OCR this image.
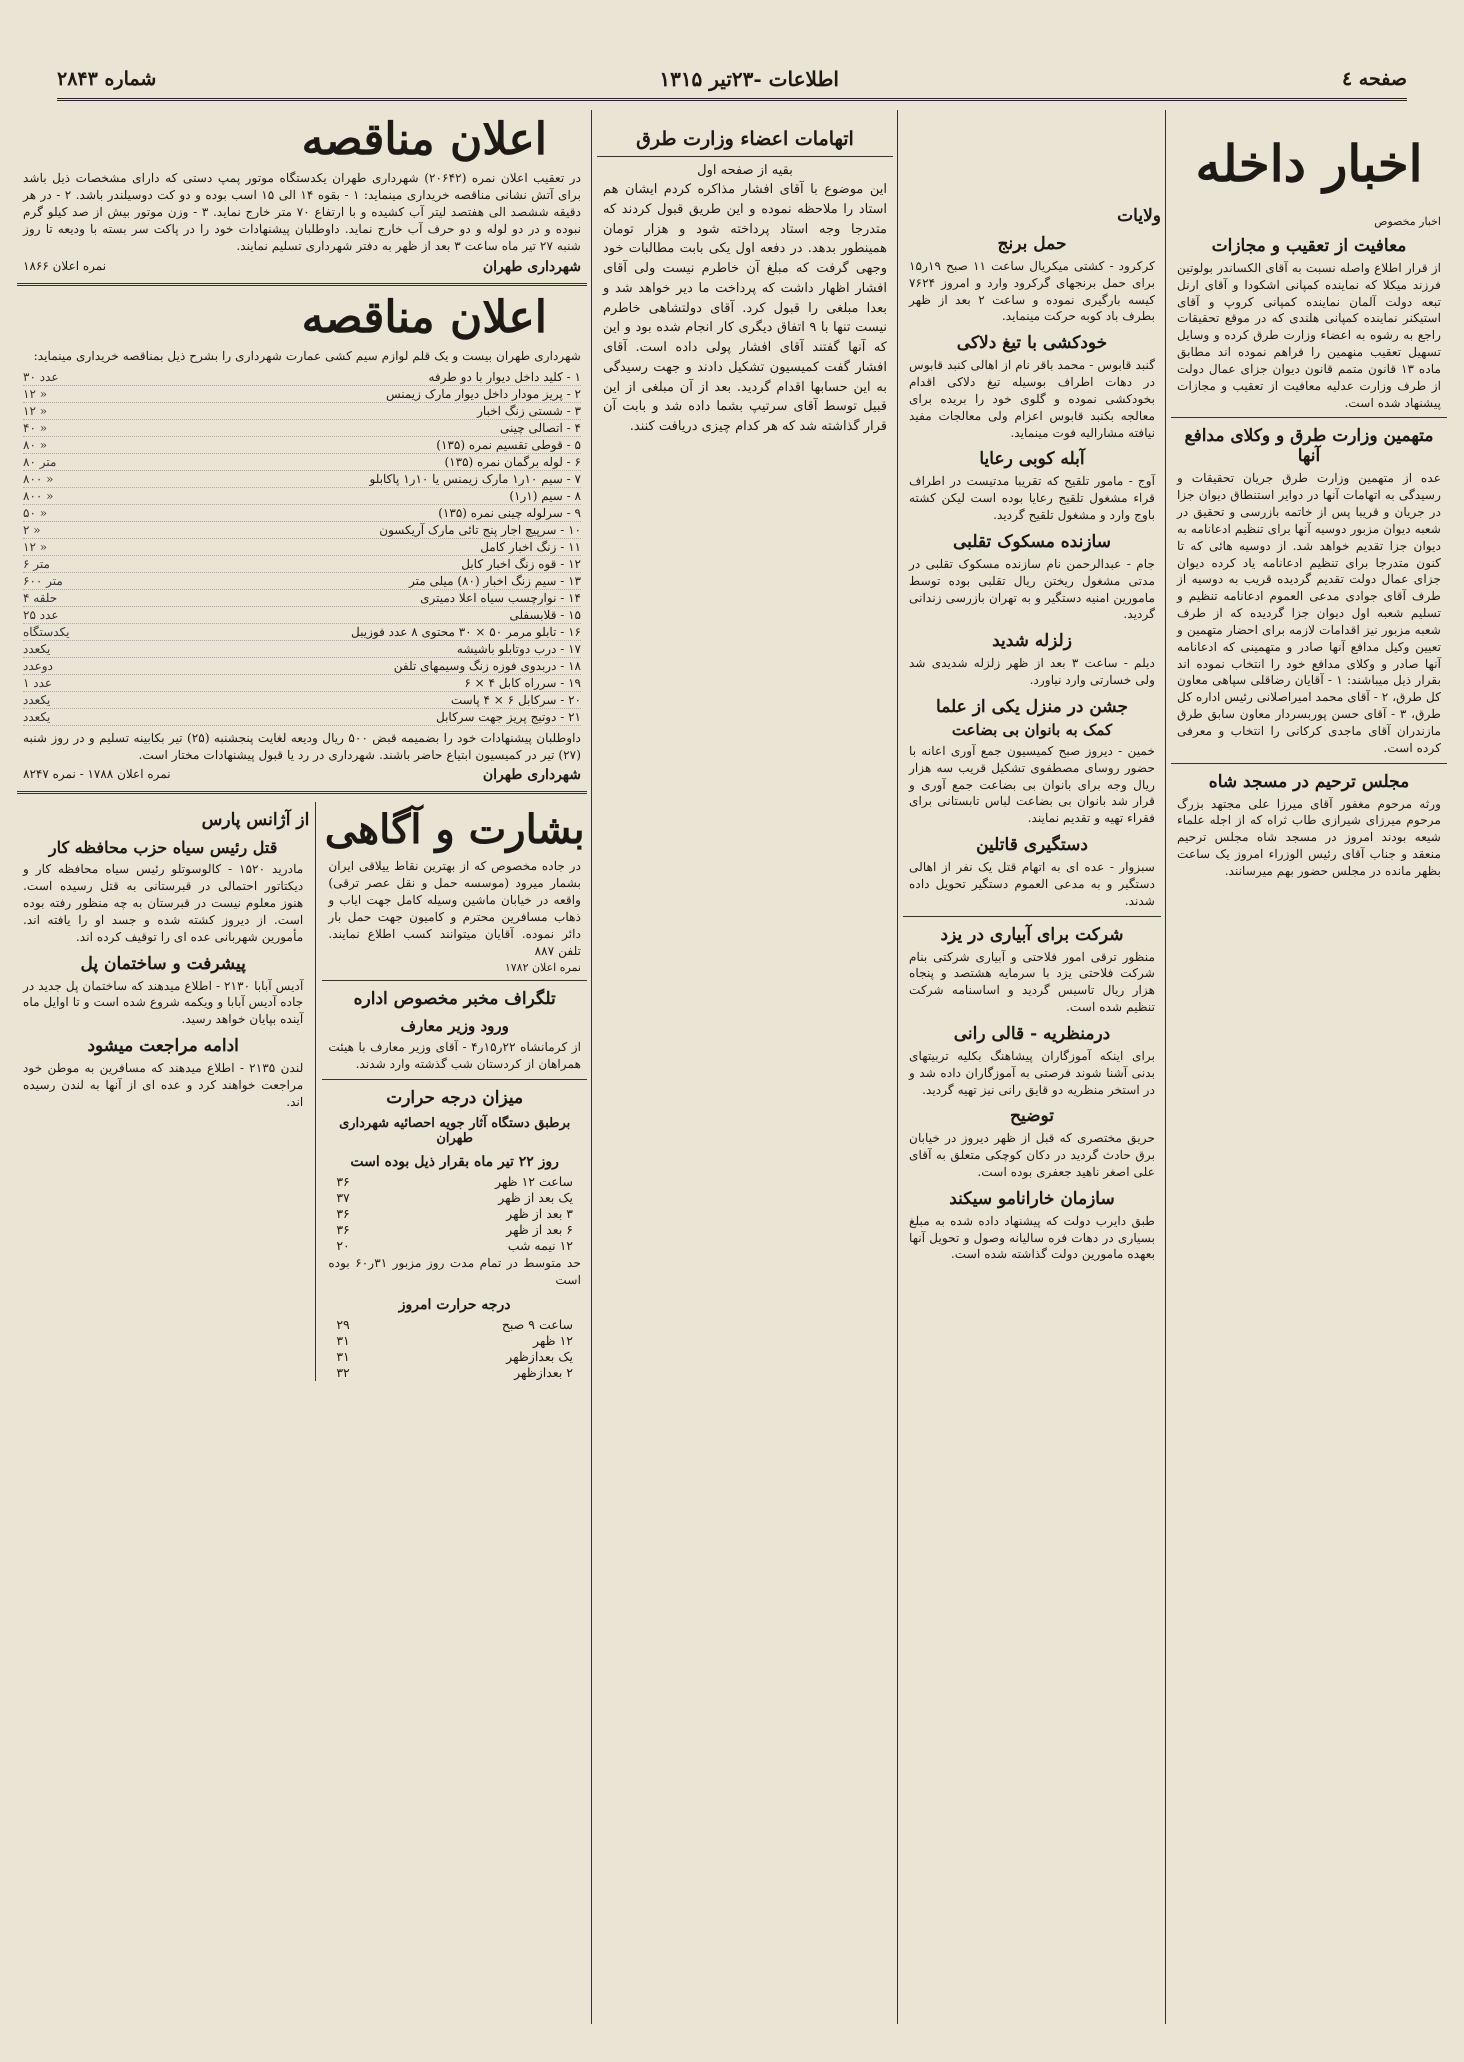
صفحه ٤
اطلاعات -۲۳تیر ۱۳۱۵
شماره ۲۸۴۳
اخبار داخله
اخبار مخصوص
معافیت از تعقیب و مجازات

از قرار اطلاع واصله نسبت به آقای الکساندر بولوتین فرزند میکلا که نماینده کمپانی اشکودا و آقای ارنل تبعه دولت آلمان نماینده کمپانی کروپ و آقای استیکنر نماینده کمپانی هلندی که در موقع تحقیقات راجع به رشوه به اعضاء وزارت طرق کرده و وسایل تسهیل تعقیب منهمین را فراهم نموده اند مطابق ماده ۱۳ قانون متمم قانون دیوان جزای عمال دولت از طرف وزارت عدلیه معافیت از تعقیب و مجازات پیشنهاد شده است.

متهمین وزارت طرق و وکلای مدافع آنها

عده از متهمین وزارت طرق جریان تحقیقات و رسیدگی به اتهامات آنها در دوایر استنطاق دیوان جزا در جریان و قریبا پس از خاتمه بازرسی و تحقیق در شعبه دیوان مزبور دوسیه آنها برای تنظیم ادعانامه به دیوان جزا تقدیم خواهد شد. از دوسیه هائی که تا کنون متدرجا برای تنظیم ادعانامه یاد کرده دیوان جزای عمال دولت تقدیم گردیده قریب به دوسیه از طرف آقای جوادی مدعی العموم ادعانامه تنظیم و تسلیم شعبه اول دیوان جزا گردیده که از طرف شعبه مزبور نیز اقدامات لازمه برای احضار متهمین و تعیین وکیل مدافع آنها صادر و متهمینی که ادعانامه آنها صادر و وکلای مدافع خود را انتخاب نموده اند بقرار ذیل میباشند: ۱ - آقایان رضاقلی سپاهی معاون کل طرق، ۲ - آقای محمد امیراصلانی رئیس اداره کل طرق، ۳ - آقای حسن پوربسردار معاون سابق طرق مازندران آقای ماجدی کرکانی را انتخاب و معرفی کرده است.

مجلس ترحیم در مسجد شاه

ورثه مرحوم مغفور آقای میرزا علی مجتهد بزرگ مرحوم میرزای شیرازی طاب ثراه که از اجله علماء شیعه بودند امروز در مسجد شاه مجلس ترحیم منعقد و جناب آقای رئیس الوزراء امروز یک ساعت بظهر مانده در مجلس حضور بهم میرسانند.

ولایات
حمل برنج

کرکرود - کشتی میکریال ساعت ۱۱ صبح ۱۹ر۱۵ برای حمل برنجهای گرکرود وارد و امروز ۷۶۲۴ کیسه بارگیری نموده و ساعت ۲ بعد از ظهر بطرف باد کوبه حرکت مینماید.

خودکشی با تیغ دلاکی

گنبد قابوس - محمد باقر نام از اهالی کنبد قابوس در دهات اطراف بوسیله تیغ دلاکی اقدام بخودکشی نموده و گلوی خود را بریده برای معالجه بکنبد قابوس اعزام ولی معالجات مفید نیافته مشارالیه فوت مینماید.

آبله کوبی رعایا

آوج - مامور تلقیح که تقریبا مدتیست در اطراف قراء مشغول تلقیح رعایا بوده است لیکن کشته باوج وارد و مشغول تلقیح گردید.

سازنده مسکوک تقلبی

جام - عبدالرحمن نام سازنده مسکوک تقلبی در مدتی مشغول ریختن ریال تقلبی بوده توسط مامورین امنیه دستگیر و به تهران بازرسی زندانی گردید.

زلزله شدید

دیلم - ساعت ۳ بعد از ظهر زلزله شدیدی شد ولی خسارتی وارد نیاورد.

جشن در منزل یکی از علما
کمک به بانوان بی بضاعت

خمین - دیروز صبح کمیسیون جمع آوری اعانه با حضور روسای مصطفوی تشکیل قریب سه هزار ریال وجه برای بانوان بی بضاعت جمع آوری و قرار شد بانوان بی بضاعت لباس تابستانی برای فقراء تهیه و تقدیم نمایند.

دستگیری قاتلین

سبزوار - عده ای به اتهام قتل یک نفر از اهالی دستگیر و به مدعی العموم دستگیر تحویل داده شدند.

شرکت برای آبیاری در یزد

منظور ترقی امور فلاحتی و آبیاری شرکتی بنام شرکت فلاحتی یزد با سرمایه هشتصد و پنجاه هزار ریال تاسیس گردید و اساسنامه شرکت تنظیم شده است.

درمنظریه - قالی رانی

برای اینکه آموزگاران پیشاهنگ بکلیه تربیتهای بدنی آشنا شوند فرصتی به آموزگاران داده شد و در استخر منظریه دو قایق رانی نیز تهیه گردید.

توضیح

حریق مختصری که قبل از ظهر دیروز در خیابان برق حادث گردید در دکان کوچکی متعلق به آقای علی اصغر ناهید جعفری بوده است.

سازمان خارانامو سیکند

طبق دایرب دولت که پیشنهاد داده شده به مبلغ بسیاری در دهات فره سالیانه وصول و تحویل آنها بعهده مامورین دولت گذاشته شده است.

اتهامات اعضاء وزارت طرق
بقیه از صفحه اول

این موضوع با آقای افشار مذاکره کردم ایشان هم استاد را ملاحظه نموده و این طریق قبول کردند که متدرجا وجه استاد پرداخته شود و هزار تومان همینطور بدهد. در دفعه اول یکی بابت مطالبات خود وجهی گرفت که مبلغ آن خاطرم نیست ولی آقای افشار اظهار داشت که پرداخت ما دیر خواهد شد و بعدا مبلغی را قبول کرد. آقای دولتشاهی خاطرم نیست تنها با ۹ اتفاق دیگری کار انجام شده بود و این که آنها گفتند آقای افشار پولی داده است. آقای افشار گفت کمیسیون تشکیل دادند و جهت رسیدگی به این حسابها اقدام گردید. بعد از آن مبلغی از این قبیل توسط آقای سرتیپ بشما داده شد و بابت آن قرار گذاشته شد که هر کدام چیزی دریافت کنند.

اعلان مناقصه

در تعقیب اعلان نمره (۲۰۶۴۲) شهرداری طهران یکدستگاه موتور پمپ دستی که دارای مشخصات ذیل باشد برای آتش نشانی مناقصه خریداری مینماید: ۱ - بقوه ۱۴ الی ۱۵ اسب بوده و دو کت دوسیلندر باشد. ۲ - در هر دقیقه ششصد الی هفتصد لیتر آب کشیده و با ارتفاع ۷۰ متر خارج نماید. ۳ - وزن موتور بیش از صد کیلو گرم نبوده و در دو لوله و دو حرف آب خارج نماید. داوطلبان پیشنهادات خود را در پاکت سر بسته با ودیعه تا روز شنبه ۲۷ تیر ماه ساعت ۳ بعد از ظهر به دفتر شهرداری تسلیم نمایند.

شهرداری طهران
نمره اعلان ۱۸۶۶
اعلان مناقصه

شهرداری طهران بیست و یک قلم لوازم سیم کشی عمارت شهرداری را بشرح ذیل بمناقصه خریداری مینماید:

۱ - کلید داخل دیوار با دو طرفه
۳۰ عدد
۲ - پریز مودار داخل دیوار مارک زیمنس
۱۲ »
۳ - شستی زنگ اخبار
۱۲ »
۴ - اتصالی چینی
۴۰ »
۵ - قوطی تقسیم نمره (۱۳۵)
۸۰ »
۶ - لوله برگمان نمره (۱۳۵)
۸۰ متر
۷ - سیم ۱۰ر۱ مارک زیمنس یا ۱۰ر۱ پاکابلو
۸۰۰ »
۸ - سیم (۱ر۱)
۸۰۰ »
۹ - سرلوله چینی نمره (۱۳۵)
۵۰ »
۱۰ - سرپیچ اجار پنج تائی مارک آریکسون
۲ »
۱۱ - زنگ اخبار کامل
۱۲ »
۱۲ - قوه زنگ اخبار کابل
۶ متر
۱۳ - سیم زنگ اخبار (۸۰) میلی متر
۶۰۰ متر
۱۴ - نوارچسب سیاه اعلا دمیتری
۴ حلقه
۱۵ - قلابسفلی
۲۵ عدد
۱۶ - تابلو مرمر ۵۰ × ۳۰ محتوی ۸ عدد فوزیبل
یکدستگاه
۱۷ - درب دوتابلو باشیشه
یکعدد
۱۸ - دربدوی فوزه زنگ وسیمهای تلفن
دوعدد
۱۹ - سرراه کابل ۴ × ۶
۱ عدد
۲۰ - سرکابل ۶ × ۴ پاست
یکعدد
۲۱ - دوتیج پریز جهت سرکابل
یکعدد

داوطلبان پیشنهادات خود را بضمیمه قبض ۵۰۰ ریال ودیعه لغایت پنجشنبه (۲۵) تیر بکابینه تسلیم و در روز شنبه (۲۷) تیر در کمیسیون ابتیاع حاضر باشند. شهرداری در رد یا قبول پیشنهادات مختار است.

شهرداری طهران
نمره اعلان ۱۷۸۸ - نمره ۸۲۴۷
بشارت و آگاهی

در جاده مخصوص که از بهترین نقاط ییلاقی ایران بشمار میرود (موسسه حمل و نقل عصر ترقی) واقعه در خیابان ماشین وسیله کامل جهت ایاب و ذهاب مسافرین محترم و کامیون جهت حمل بار دائر نموده. آقایان میتوانند کسب اطلاع نمایند. تلفن ۸۸۷

نمره اعلان ۱۷۸۲
تلگراف مخبر مخصوص اداره
ورود وزیر معارف

از کرمانشاه ۲۲ر۱۵ر۴ - آقای وزیر معارف با هیئت همراهان از کردستان شب گذشته وارد شدند.

میزان درجه حرارت
برطبق دستگاه آثار جویه احصائیه شهرداری طهران
روز ۲۲ تیر ماه بقرار ذیل بوده است
ساعت ۱۲ ظهر
۳۶
یک بعد از ظهر
۳۷
۳ بعد از ظهر
۳۶
۶ بعد از ظهر
۳۶
۱۲ نیمه شب
۲۰

حد متوسط در تمام مدت روز مزبور ۳۱ر۶۰ بوده است

درجه حرارت امروز
ساعت ۹ صبح
۲۹
۱۲ ظهر
۳۱
یک بعدازظهر
۳۱
۲ بعدازظهر
۳۲
از آژانس پارس
قتل رئیس سیاه حزب محافظه کار

مادرید ۱۵۲۰ - کالوسوتلو رئیس سیاه محافظه کار و دیکتاتور احتمالی در قبرستانی به قتل رسیده است. هنوز معلوم نیست در قبرستان به چه منظور رفته بوده است. از دیروز کشته شده و جسد او را یافته اند. مأمورین شهربانی عده ای را توقیف کرده اند.

پیشرفت و ساختمان پل

آدیس آبابا ۲۱۳۰ - اطلاع میدهند که ساختمان پل جدید در جاده آدیس آبابا و ویکمه شروع شده است و تا اوایل ماه آینده بپایان خواهد رسید.

ادامه مراجعت میشود

لندن ۲۱۳۵ - اطلاع میدهند که مسافرین به موطن خود مراجعت خواهند کرد و عده ای از آنها به لندن رسیده اند.
